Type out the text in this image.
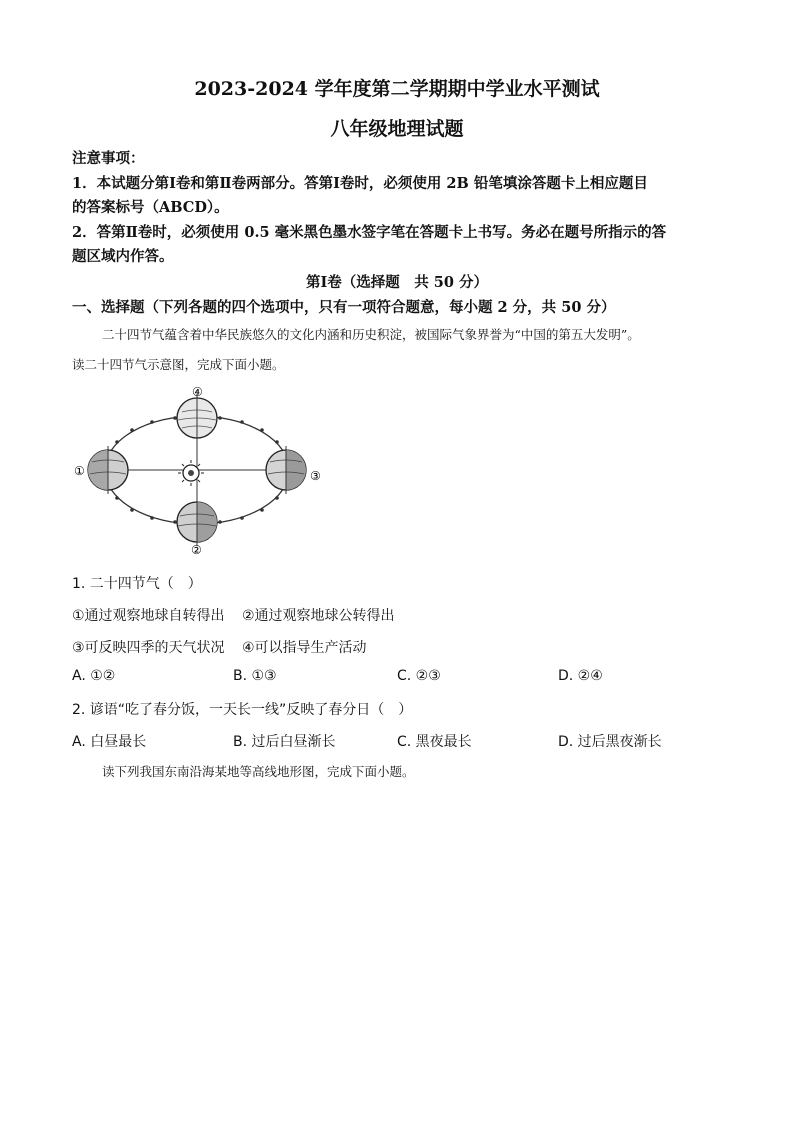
2023-2024 学年度第二学期期中学业水平测试
八年级地理试题
注意事项：
1．本试题分第Ⅰ卷和第Ⅱ卷两部分。答第Ⅰ卷时，必须使用 2B 铅笔填涂答题卡上相应题目
的答案标号（ABCD）。
2．答第Ⅱ卷时，必须使用 0.5 毫米黑色墨水签字笔在答题卡上书写。务必在题号所指示的答
题区域内作答。
第Ⅰ卷（选择题　共 50 分）
一、选择题（下列各题的四个选项中，只有一项符合题意，每小题 2 分，共 50 分）
二十四节气蕴含着中华民族悠久的文化内涵和历史积淀，被国际气象界誉为“中国的第五大发明”。
读二十四节气示意图，完成下面小题。
①
②
③
④
1. 二十四节气（　）
①通过观察地球自转得出 ②通过观察地球公转得出
③可反映四季的天气状况 ④可以指导生产活动
A. ①②	B. ①③	C. ②③	D. ②④
2. 谚语“吃了春分饭，一天长一线”反映了春分日（　）
A. 白昼最长	B. 过后白昼渐长	C. 黑夜最长	D. 过后黑夜渐长
读下列我国东南沿海某地等高线地形图，完成下面小题。
